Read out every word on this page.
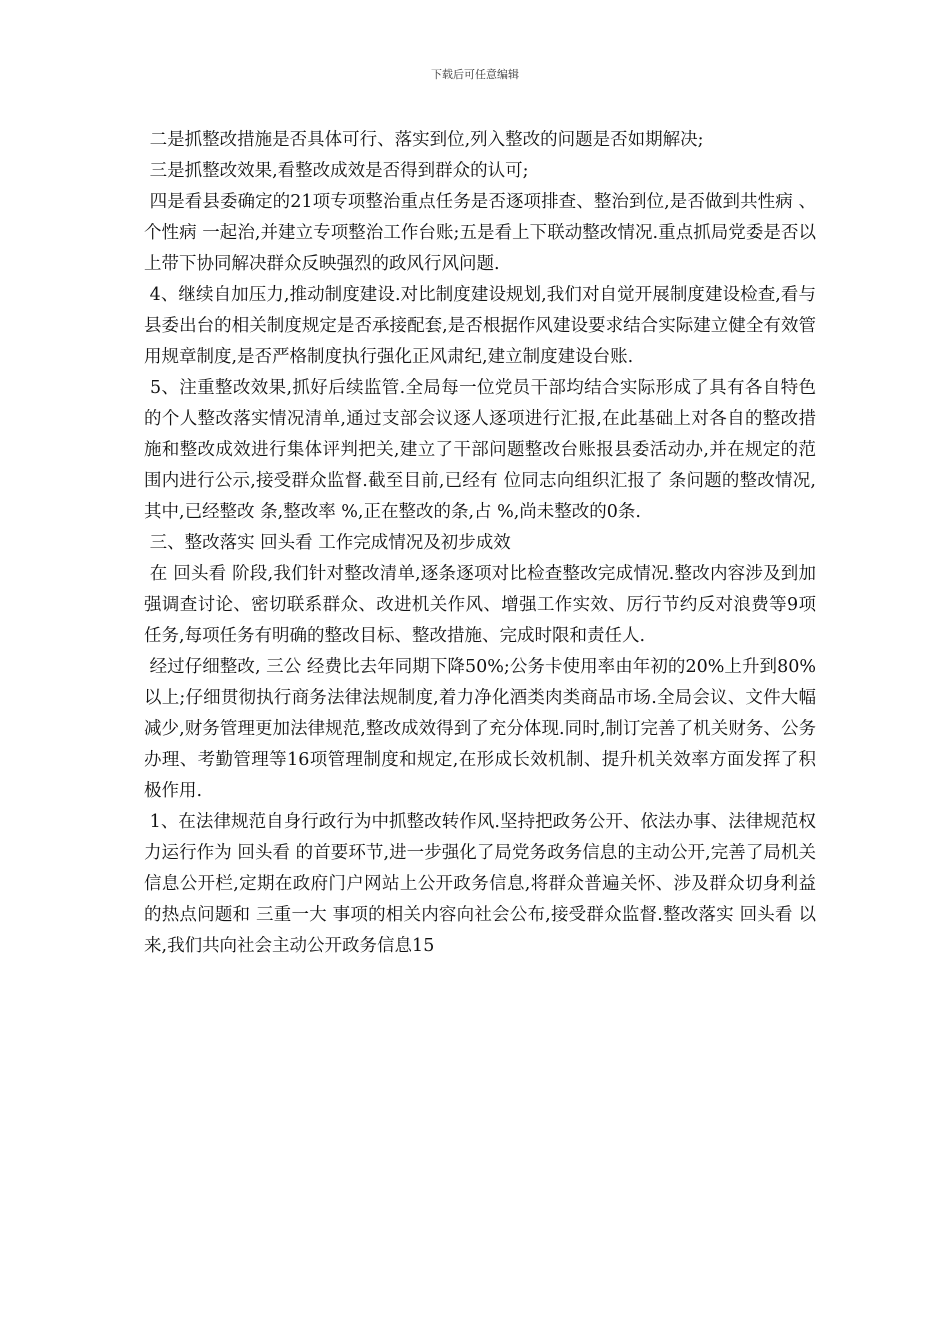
下载后可任意编辑

二是抓整改措施是否具体可行、落实到位,列入整改的问题是否如期解决;

三是抓整改效果,看整改成效是否得到群众的认可;

四是看县委确定的21项专项整治重点任务是否逐项排查、整治到位,是否做到共性病 、 个性病 一起治,并建立专项整治工作台账;五是看上下联动整改情况.重点抓局党委是否以上带下协同解决群众反映强烈的政风行风问题.

4、继续自加压力,推动制度建设.对比制度建设规划,我们对自觉开展制度建设检查,看与县委出台的相关制度规定是否承接配套,是否根据作风建设要求结合实际建立健全有效管用规章制度,是否严格制度执行强化正风肃纪,建立制度建设台账.

5、注重整改效果,抓好后续监管.全局每一位党员干部均结合实际形成了具有各自特色的个人整改落实情况清单,通过支部会议逐人逐项进行汇报,在此基础上对各自的整改措施和整改成效进行集体评判把关,建立了干部问题整改台账报县委活动办,并在规定的范围内进行公示,接受群众监督.截至目前,已经有 位同志向组织汇报了 条问题的整改情况,其中,已经整改 条,整改率 %,正在整改的条,占 %,尚未整改的0条.

三、整改落实 回头看 工作完成情况及初步成效

在 回头看 阶段,我们针对整改清单,逐条逐项对比检查整改完成情况.整改内容涉及到加强调查讨论、密切联系群众、改进机关作风、增强工作实效、厉行节约反对浪费等9项任务,每项任务有明确的整改目标、整改措施、完成时限和责任人.

经过仔细整改, 三公 经费比去年同期下降50%;公务卡使用率由年初的20%上升到80%以上;仔细贯彻执行商务法律法规制度,着力净化酒类肉类商品市场.全局会议、文件大幅减少,财务管理更加法律规范,整改成效得到了充分体现.同时,制订完善了机关财务、公务办理、考勤管理等16项管理制度和规定,在形成长效机制、提升机关效率方面发挥了积极作用.

1、在法律规范自身行政行为中抓整改转作风.坚持把政务公开、依法办事、法律规范权力运行作为 回头看 的首要环节,进一步强化了局党务政务信息的主动公开,完善了局机关信息公开栏,定期在政府门户网站上公开政务信息,将群众普遍关怀、涉及群众切身利益的热点问题和 三重一大 事项的相关内容向社会公布,接受群众监督.整改落实 回头看 以来,我们共向社会主动公开政务信息15
